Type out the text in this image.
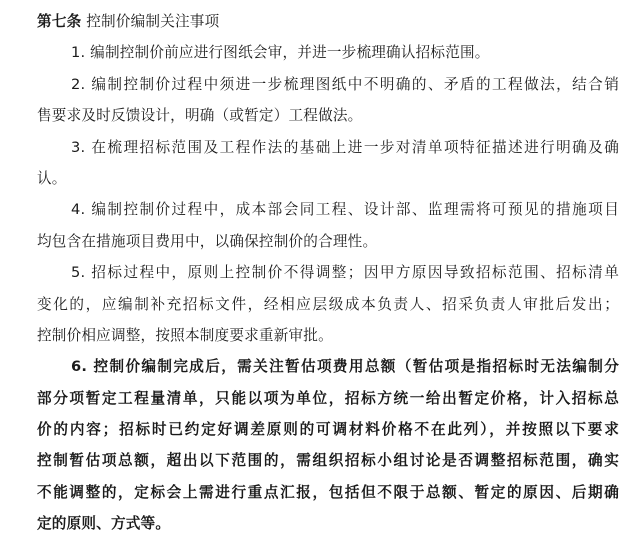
第七条 控制价编制关注事项
1. 编制控制价前应进行图纸会审，并进一步梳理确认招标范围。
2. 编制控制价过程中须进一步梳理图纸中不明确的、矛盾的工程做法，结合销
售要求及时反馈设计，明确（或暂定）工程做法。
3. 在梳理招标范围及工程作法的基础上进一步对清单项特征描述进行明确及确
认。
4. 编制控制价过程中，成本部会同工程、设计部、监理需将可预见的措施项目
均包含在措施项目费用中，以确保控制价的合理性。
5. 招标过程中，原则上控制价不得调整；因甲方原因导致招标范围、招标清单
变化的，应编制补充招标文件，经相应层级成本负责人、招采负责人审批后发出；
控制价相应调整，按照本制度要求重新审批。
6. 控制价编制完成后，需关注暂估项费用总额（暂估项是指招标时无法编制分
部分项暂定工程量清单，只能以项为单位，招标方统一给出暂定价格，计入招标总
价的内容；招标时已约定好调差原则的可调材料价格不在此列），并按照以下要求
控制暂估项总额，超出以下范围的，需组织招标小组讨论是否调整招标范围，确实
不能调整的，定标会上需进行重点汇报，包括但不限于总额、暂定的原因、后期确
定的原则、方式等。
